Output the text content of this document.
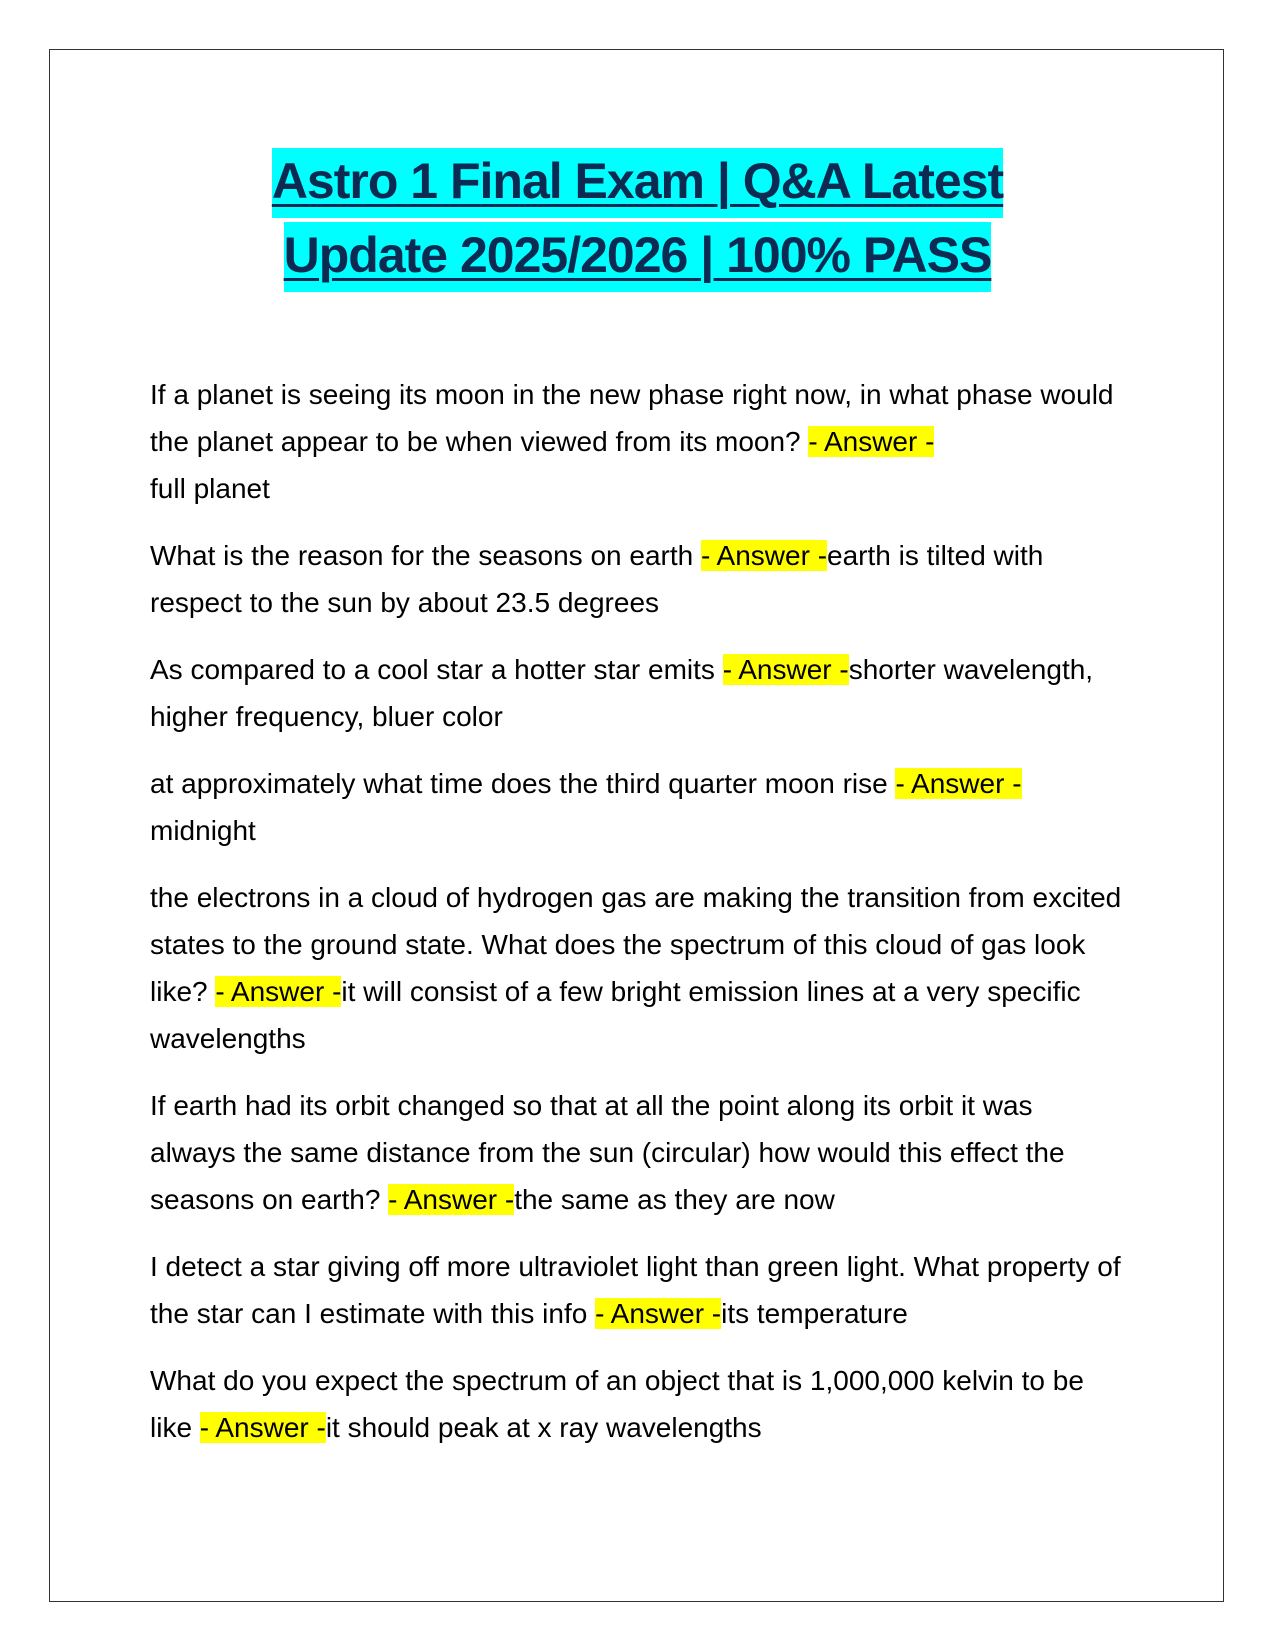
Astro 1 Final Exam | Q&A Latest
Update 2025/2026 | 100% PASS

If a planet is seeing its moon in the new phase right now, in what phase would the planet appear to be when viewed from its moon? - Answer -
full planet

What is the reason for the seasons on earth - Answer -earth is tilted with respect to the sun by about 23.5 degrees

As compared to a cool star a hotter star emits - Answer -shorter wavelength, higher frequency, bluer color

at approximately what time does the third quarter moon rise - Answer -
midnight

the electrons in a cloud of hydrogen gas are making the transition from excited states to the ground state. What does the spectrum of this cloud of gas look like? - Answer -it will consist of a few bright emission lines at a very specific wavelengths

If earth had its orbit changed so that at all the point along its orbit it was always the same distance from the sun (circular) how would this effect the seasons on earth? - Answer -the same as they are now

I detect a star giving off more ultraviolet light than green light. What property of the star can I estimate with this info - Answer -its temperature

What do you expect the spectrum of an object that is 1,000,000 kelvin to be like - Answer -it should peak at x ray wavelengths
